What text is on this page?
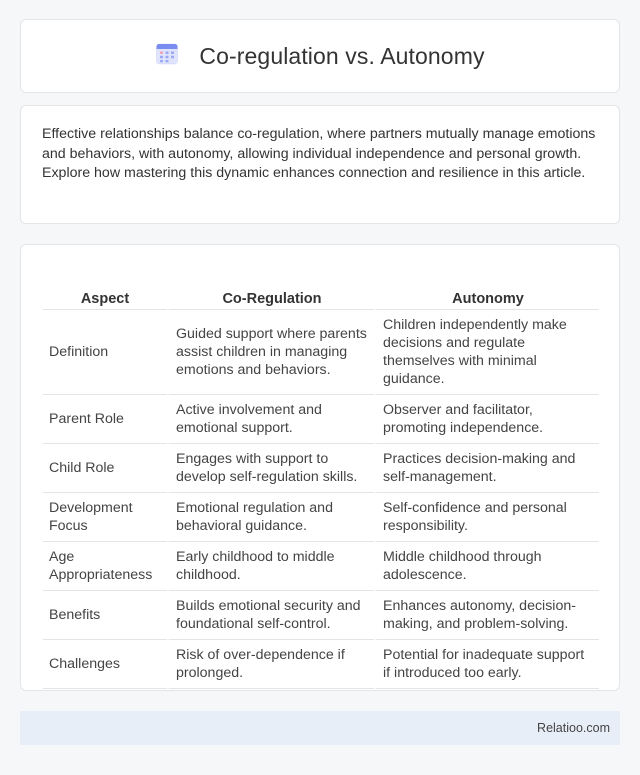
Co-regulation vs. Autonomy

Effective relationships balance co-regulation, where partners mutually manage emotions and behaviors, with autonomy, allowing individual independence and personal growth. Explore how mastering this dynamic enhances connection and resilience in this article.

Aspect	Co-Regulation	Autonomy
Definition	Guided support where parents assist children in managing emotions and behaviors.	Children independently make decisions and regulate themselves with minimal guidance.
Parent Role	Active involvement and emotional support.	Observer and facilitator, promoting independence.
Child Role	Engages with support to develop self-regulation skills.	Practices decision-making and self-management.
Development Focus	Emotional regulation and behavioral guidance.	Self-confidence and personal responsibility.
Age Appropriateness	Early childhood to middle childhood.	Middle childhood through adolescence.
Benefits	Builds emotional security and foundational self-control.	Enhances autonomy, decision-making, and problem-solving.
Challenges	Risk of over-dependence if prolonged.	Potential for inadequate support if introduced too early.
Relatioo.com
